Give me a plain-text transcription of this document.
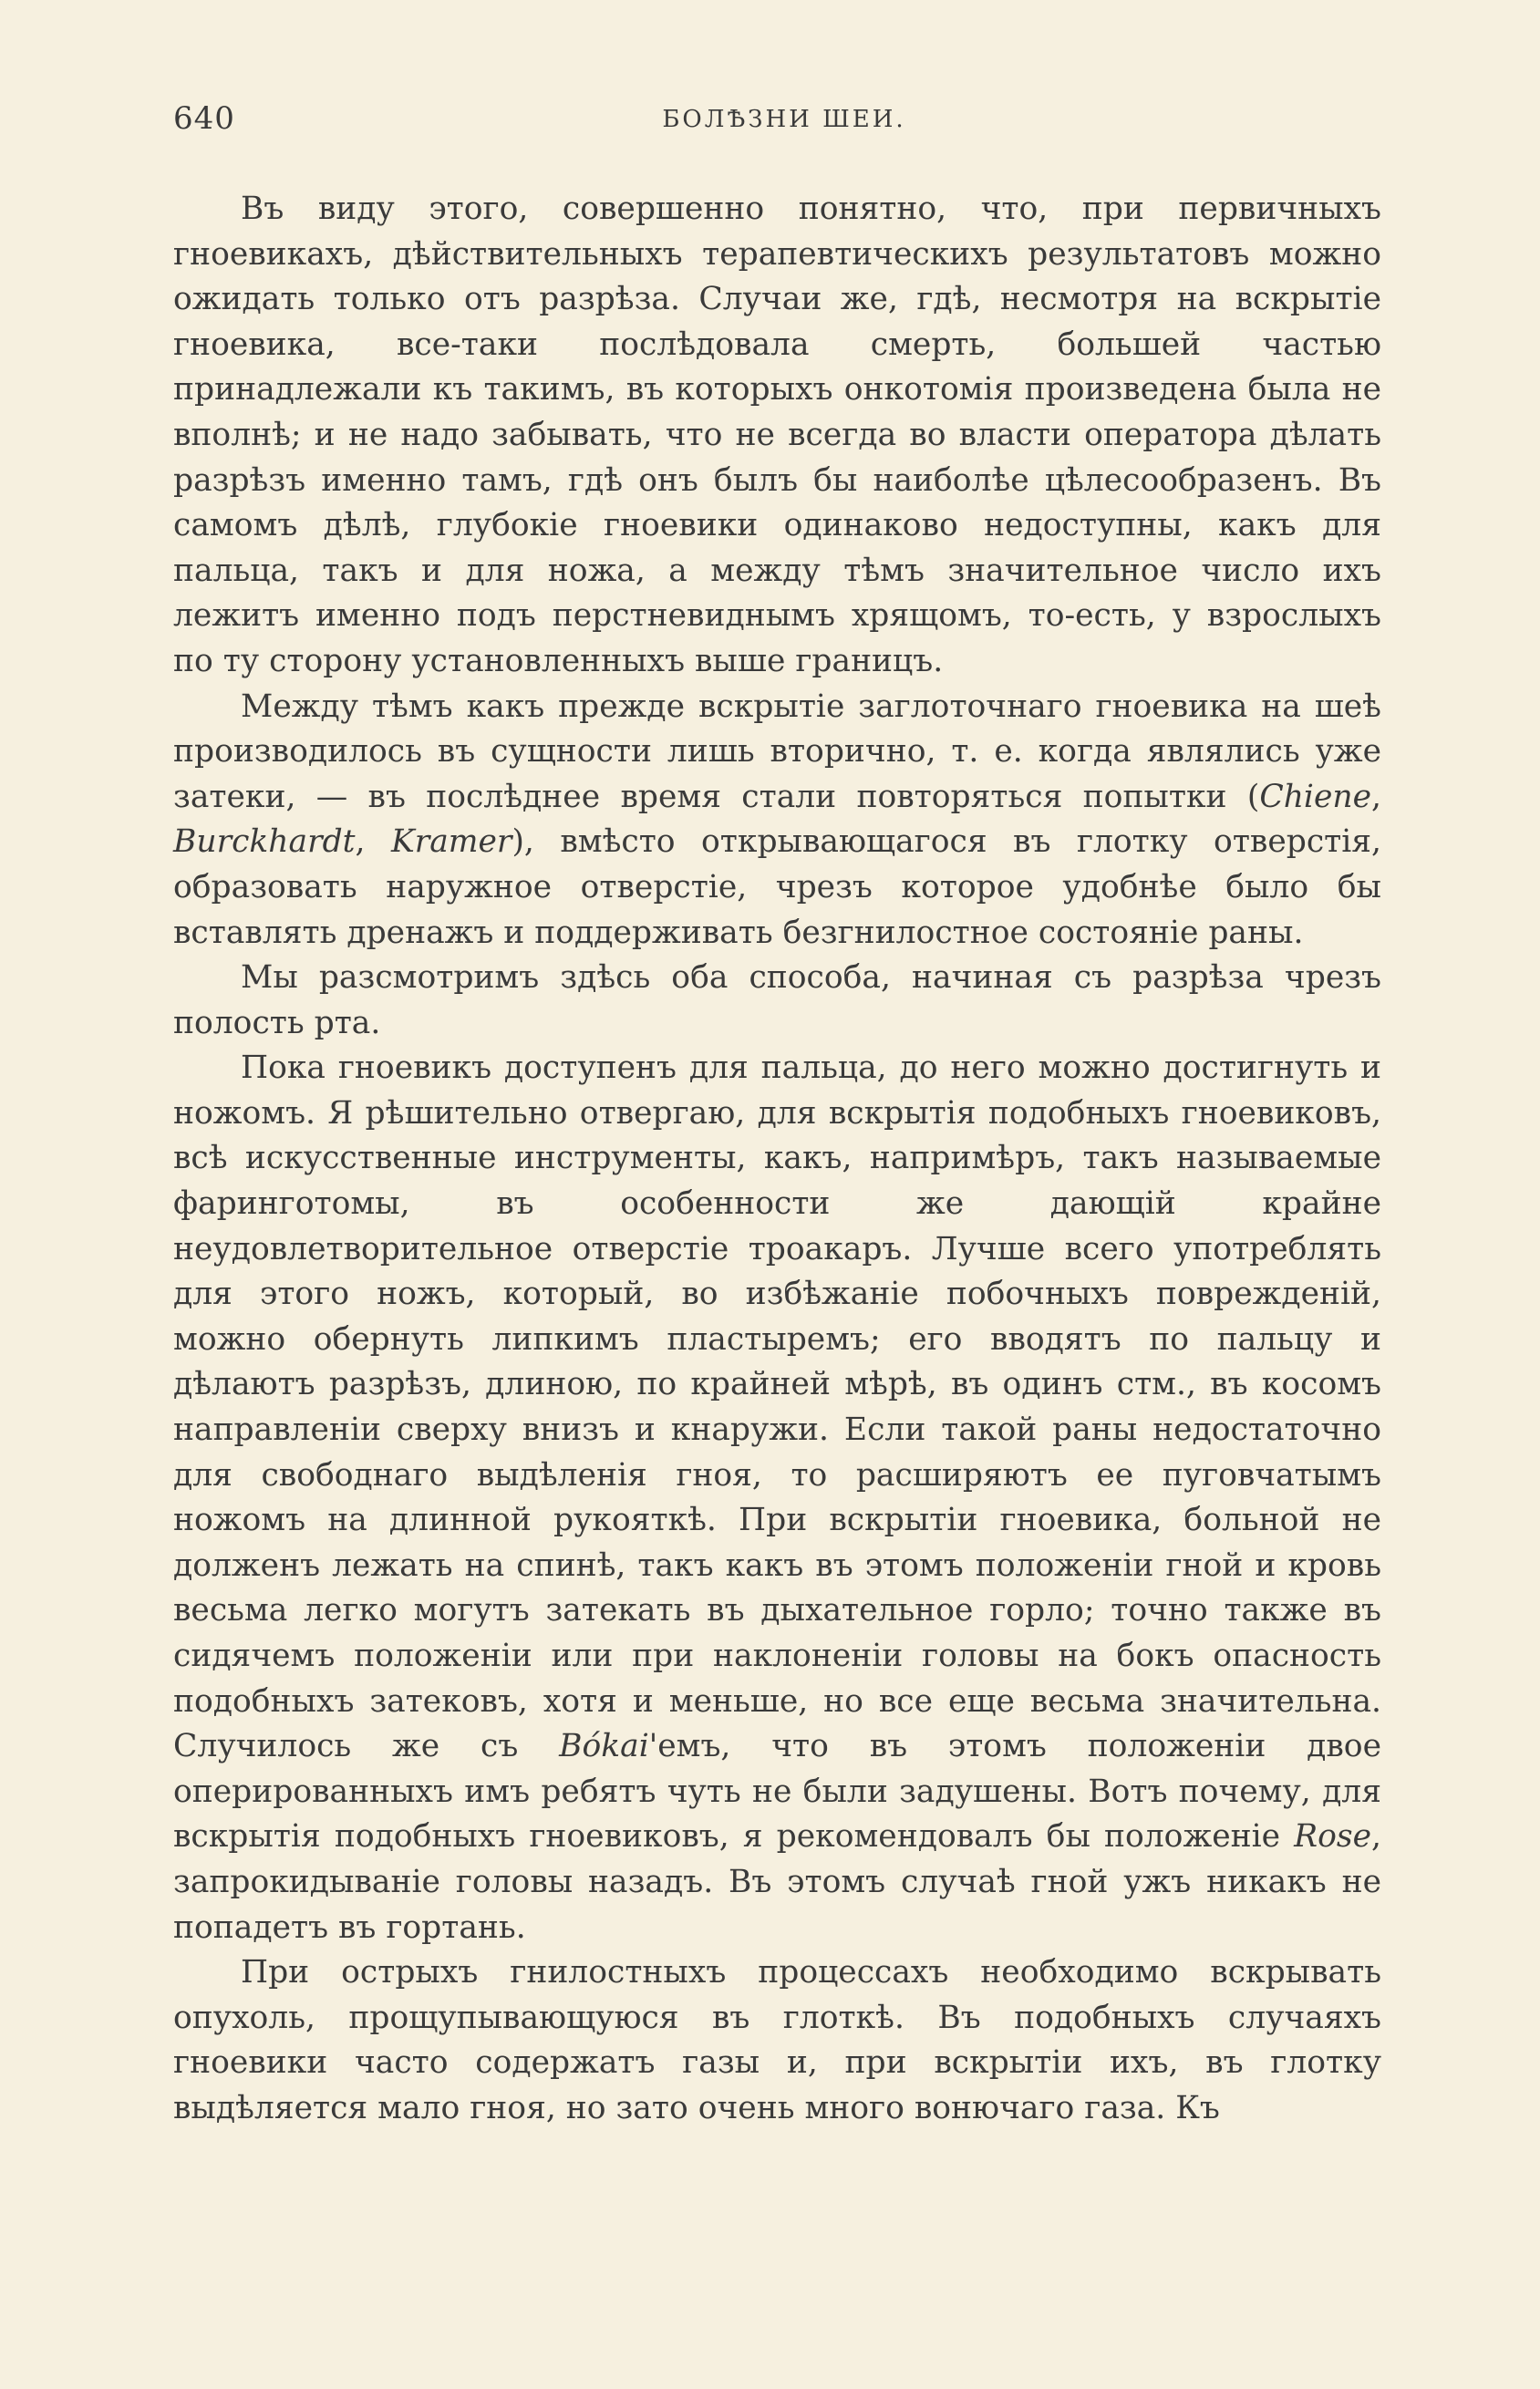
640	БОЛѢЗНИ ШЕИ.

Въ виду этого, совершенно понятно, что, при первичныхъ гноевикахъ, дѣйствительныхъ терапевтическихъ результатовъ можно ожидать только отъ разрѣза. Случаи же, гдѣ, несмотря на вскрытіе гноевика, все-таки послѣдовала смерть, большей частью принадлежали къ такимъ, въ которыхъ онкотомія произведена была не вполнѣ; и не надо забывать, что не всегда во власти оператора дѣлать разрѣзъ именно тамъ, гдѣ онъ былъ бы наиболѣе цѣлесообразенъ. Въ самомъ дѣлѣ, глубокіе гноевики одинаково недоступны, какъ для пальца, такъ и для ножа, а между тѣмъ значительное число ихъ лежитъ именно подъ перстневиднымъ хрящомъ, то-есть, у взрослыхъ по ту сторону установленныхъ выше границъ.

Между тѣмъ какъ прежде вскрытіе заглоточнаго гноевика на шеѣ производилось въ сущности лишь вторично, т. е. когда являлись уже затеки, — въ послѣднее время стали повторяться попытки (Chiene, Burckhardt, Kramer), вмѣсто открывающагося въ глотку отверстія, образовать наружное отверстіе, чрезъ которое удобнѣе было бы вставлять дренажъ и поддерживать безгнилостное состояніе раны.

Мы разсмотримъ здѣсь оба способа, начиная съ разрѣза чрезъ полость рта.

Пока гноевикъ доступенъ для пальца, до него можно достигнуть и ножомъ. Я рѣшительно отвергаю, для вскрытія подобныхъ гноевиковъ, всѣ искусственные инструменты, какъ, напримѣръ, такъ называемые фаринготомы, въ особенности же дающій крайне неудовлетворительное отверстіе троакаръ. Лучше всего употреблять для этого ножъ, который, во избѣжаніе побочныхъ поврежденій, можно обернуть липкимъ пластыремъ; его вводятъ по пальцу и дѣлаютъ разрѣзъ, длиною, по крайней мѣрѣ, въ одинъ стм., въ косомъ направленіи сверху внизъ и кнаружи. Если такой раны недостаточно для свободнаго выдѣленія гноя, то расширяютъ ее пуговчатымъ ножомъ на длинной рукояткѣ. При вскрытіи гноевика, больной не долженъ лежать на спинѣ, такъ какъ въ этомъ положеніи гной и кровь весьма легко могутъ затекать въ дыхательное горло; точно также въ сидячемъ положеніи или при наклоненіи головы на бокъ опасность подобныхъ затековъ, хотя и меньше, но все еще весьма значительна. Случилось же съ Bókai'емъ, что въ этомъ положеніи двое оперированныхъ имъ ребятъ чуть не были задушены. Вотъ почему, для вскрытія подобныхъ гноевиковъ, я рекомендовалъ бы положеніе Rose, запрокидываніе головы назадъ. Въ этомъ случаѣ гной ужъ никакъ не попадетъ въ гортань.

При острыхъ гнилостныхъ процессахъ необходимо вскрывать опухоль, прощупывающуюся въ глоткѣ. Въ подобныхъ случаяхъ гноевики часто содержатъ газы и, при вскрытіи ихъ, въ глотку выдѣляется мало гноя, но зато очень много вонючаго газа. Къ
